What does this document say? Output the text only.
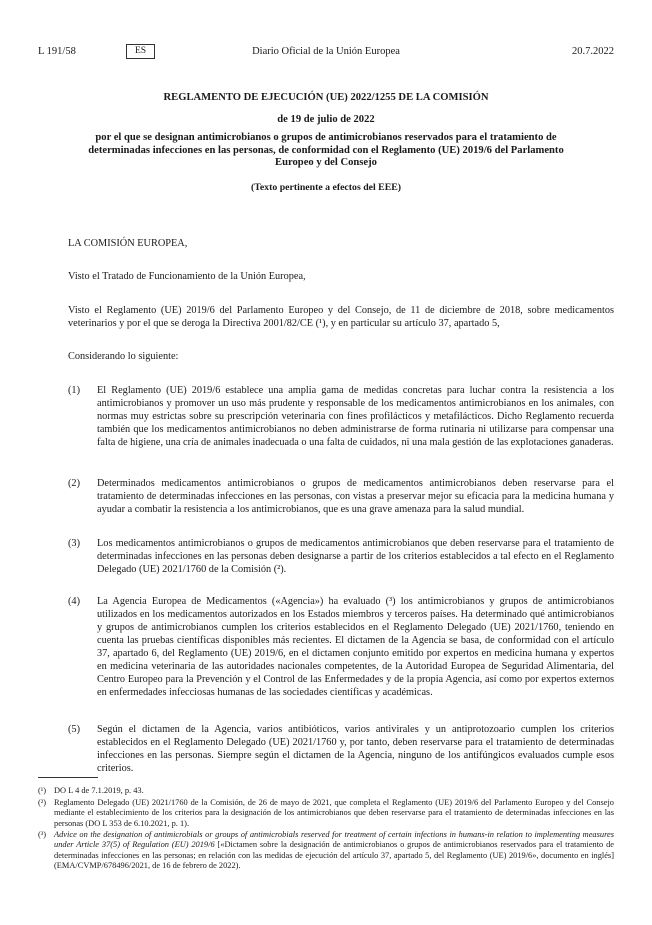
L 191/58	ES	Diario Oficial de la Unión Europea	20.7.2022
REGLAMENTO DE EJECUCIÓN (UE) 2022/1255 DE LA COMISIÓN
de 19 de julio de 2022
por el que se designan antimicrobianos o grupos de antimicrobianos reservados para el tratamiento de determinadas infecciones en las personas, de conformidad con el Reglamento (UE) 2019/6 del Parlamento Europeo y del Consejo
(Texto pertinente a efectos del EEE)
LA COMISIÓN EUROPEA,
Visto el Tratado de Funcionamiento de la Unión Europea,
Visto el Reglamento (UE) 2019/6 del Parlamento Europeo y del Consejo, de 11 de diciembre de 2018, sobre medicamentos veterinarios y por el que se deroga la Directiva 2001/82/CE (¹), y en particular su artículo 37, apartado 5,
Considerando lo siguiente:
(1) El Reglamento (UE) 2019/6 establece una amplia gama de medidas concretas para luchar contra la resistencia a los antimicrobianos y promover un uso más prudente y responsable de los medicamentos antimicrobianos en los animales, con normas muy estrictas sobre su prescripción veterinaria con fines profilácticos y metafilácticos. Dicho Reglamento recuerda también que los medicamentos antimicrobianos no deben administrarse de forma rutinaria ni utilizarse para compensar una falta de higiene, una cría de animales inadecuada o una falta de cuidados, ni una mala gestión de las explotaciones ganaderas.
(2) Determinados medicamentos antimicrobianos o grupos de medicamentos antimicrobianos deben reservarse para el tratamiento de determinadas infecciones en las personas, con vistas a preservar mejor su eficacia para la medicina humana y ayudar a combatir la resistencia a los antimicrobianos, que es una grave amenaza para la salud mundial.
(3) Los medicamentos antimicrobianos o grupos de medicamentos antimicrobianos que deben reservarse para el tratamiento de determinadas infecciones en las personas deben designarse a partir de los criterios establecidos a tal efecto en el Reglamento Delegado (UE) 2021/1760 de la Comisión (²).
(4) La Agencia Europea de Medicamentos («Agencia») ha evaluado (³) los antimicrobianos y grupos de antimicrobianos utilizados en los medicamentos autorizados en los Estados miembros y terceros países. Ha determinado qué antimicrobianos y grupos de antimicrobianos cumplen los criterios establecidos en el Reglamento Delegado (UE) 2021/1760, teniendo en cuenta las pruebas científicas disponibles más recientes. El dictamen de la Agencia se basa, de conformidad con el artículo 37, apartado 6, del Reglamento (UE) 2019/6, en el dictamen conjunto emitido por expertos en medicina humana y expertos en medicina veterinaria de las autoridades nacionales competentes, de la Autoridad Europea de Seguridad Alimentaria, del Centro Europeo para la Prevención y el Control de las Enfermedades y de la propia Agencia, así como por expertos externos en enfermedades infecciosas humanas de las sociedades científicas y académicas.
(5) Según el dictamen de la Agencia, varios antibióticos, varios antivirales y un antiprotozoario cumplen los criterios establecidos en el Reglamento Delegado (UE) 2021/1760 y, por tanto, deben reservarse para el tratamiento de determinadas infecciones en las personas. Siempre según el dictamen de la Agencia, ninguno de los antifúngicos evaluados cumple esos criterios.
(¹) DO L 4 de 7.1.2019, p. 43.
(²) Reglamento Delegado (UE) 2021/1760 de la Comisión, de 26 de mayo de 2021, que completa el Reglamento (UE) 2019/6 del Parlamento Europeo y del Consejo mediante el establecimiento de los criterios para la designación de los antimicrobianos que deben reservarse para el tratamiento de determinadas infecciones en las personas (DO L 353 de 6.10.2021, p. 1).
(³) Advice on the designation of antimicrobials or groups of antimicrobials reserved for treatment of certain infections in humans-in relation to implementing measures under Article 37(5) of Regulation (EU) 2019/6 [«Dictamen sobre la designación de antimicrobianos o grupos de antimicrobianos reservados para el tratamiento de determinadas infecciones en las personas; en relación con las medidas de ejecución del artículo 37, apartado 5, del Reglamento (UE) 2019/6», documento en inglés] (EMA/CVMP/678496/2021, de 16 de febrero de 2022).
